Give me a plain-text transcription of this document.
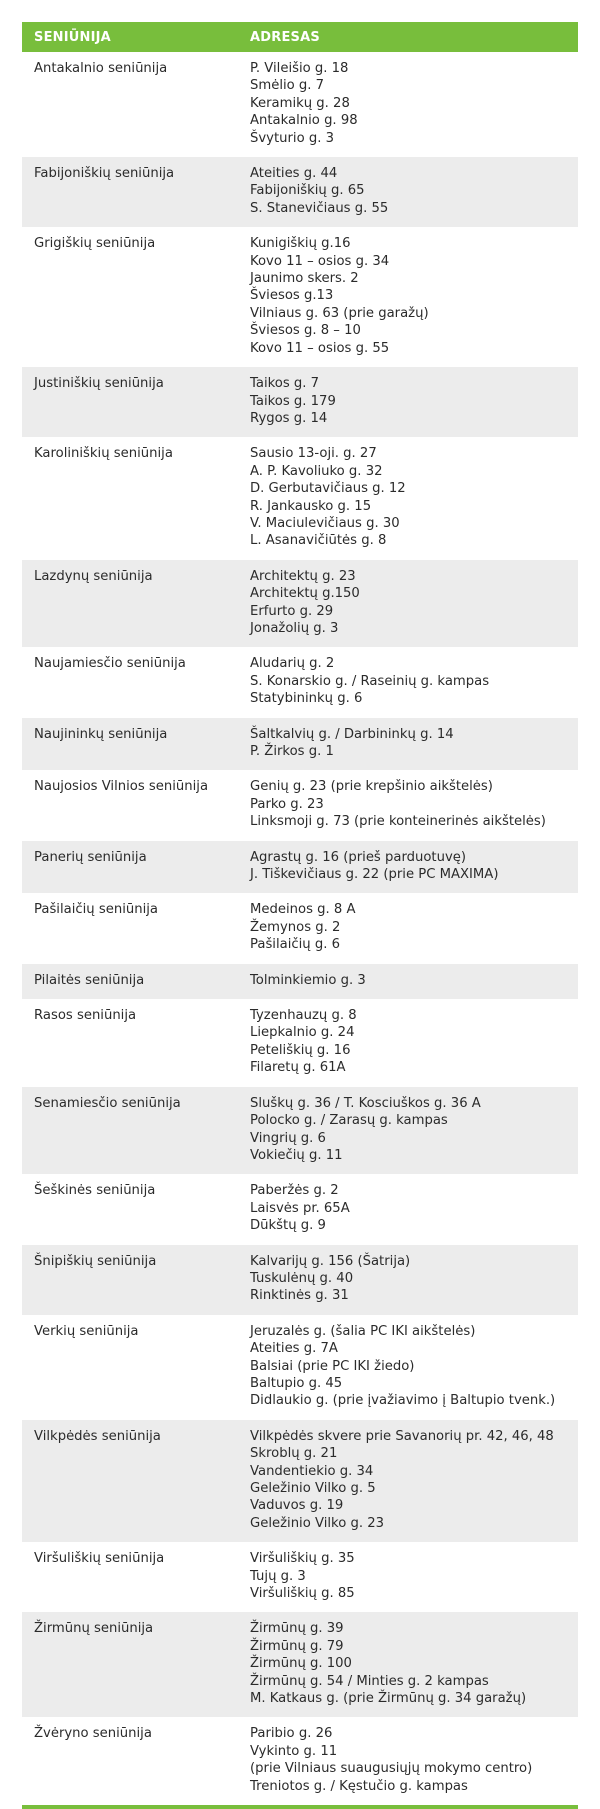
SENIŪNIJA	ADRESAS
Antakalnio seniūnija	P. Vileišio g. 18
Smėlio g. 7
Keramikų g. 28
Antakalnio g. 98
Švyturio g. 3
Fabijoniškių seniūnija	Ateities g. 44
Fabijoniškių g. 65
S. Stanevičiaus g. 55
Grigiškių seniūnija	Kunigiškių g.16
Kovo 11 – osios g. 34
Jaunimo skers. 2
Šviesos g.13
Vilniaus g. 63 (prie garažų)
Šviesos g. 8 – 10
Kovo 11 – osios g. 55
Justiniškių seniūnija	Taikos g. 7
Taikos g. 179
Rygos g. 14
Karoliniškių seniūnija	Sausio 13-oji. g. 27
A. P. Kavoliuko g. 32
D. Gerbutavičiaus g. 12
R. Jankausko g. 15
V. Maciulevičiaus g. 30
L. Asanavičiūtės g. 8
Lazdynų seniūnija	Architektų g. 23
Architektų g.150
Erfurto g. 29
Jonažolių g. 3
Naujamiesčio seniūnija	Aludarių g. 2
S. Konarskio g. / Raseinių g. kampas
Statybininkų g. 6
Naujininkų seniūnija	Šaltkalvių g. / Darbininkų g. 14
P. Žirkos g. 1
Naujosios Vilnios seniūnija	Genių g. 23 (prie krepšinio aikštelės)
Parko g. 23
Linksmoji g. 73 (prie konteinerinės aikštelės)
Panerių seniūnija	Agrastų g. 16 (prieš parduotuvę)
J. Tiškevičiaus g. 22 (prie PC MAXIMA)
Pašilaičių seniūnija	Medeinos g. 8 A
Žemynos g. 2
Pašilaičių g. 6
Pilaitės seniūnija	Tolminkiemio g. 3
Rasos seniūnija	Tyzenhauzų g. 8
Liepkalnio g. 24
Peteliškių g. 16
Filaretų g. 61A
Senamiesčio seniūnija	Sluškų g. 36 / T. Kosciuškos g. 36 A
Polocko g. / Zarasų g. kampas
Vingrių g. 6
Vokiečių g. 11
Šeškinės seniūnija	Paberžės g. 2
Laisvės pr. 65A
Dūkštų g. 9
Šnipiškių seniūnija	Kalvarijų g. 156 (Šatrija)
Tuskulėnų g. 40
Rinktinės g. 31
Verkių seniūnija	Jeruzalės g. (šalia PC IKI aikštelės)
Ateities g. 7A
Balsiai (prie PC IKI žiedo)
Baltupio g. 45
Didlaukio g. (prie įvažiavimo į Baltupio tvenk.)
Vilkpėdės seniūnija	Vilkpėdės skvere prie Savanorių pr. 42, 46, 48
Skroblų g. 21
Vandentiekio g. 34
Geležinio Vilko g. 5
Vaduvos g. 19
Geležinio Vilko g. 23
Viršuliškių seniūnija	Viršuliškių g. 35
Tujų g. 3
Viršuliškių g. 85
Žirmūnų seniūnija	Žirmūnų g. 39
Žirmūnų g. 79
Žirmūnų g. 100
Žirmūnų g. 54 / Minties g. 2 kampas
M. Katkaus g. (prie Žirmūnų g. 34 garažų)
Žvėryno seniūnija	Paribio g. 26
Vykinto g. 11
(prie Vilniaus suaugusiųjų mokymo centro)
Treniotos g. / Kęstučio g. kampas
